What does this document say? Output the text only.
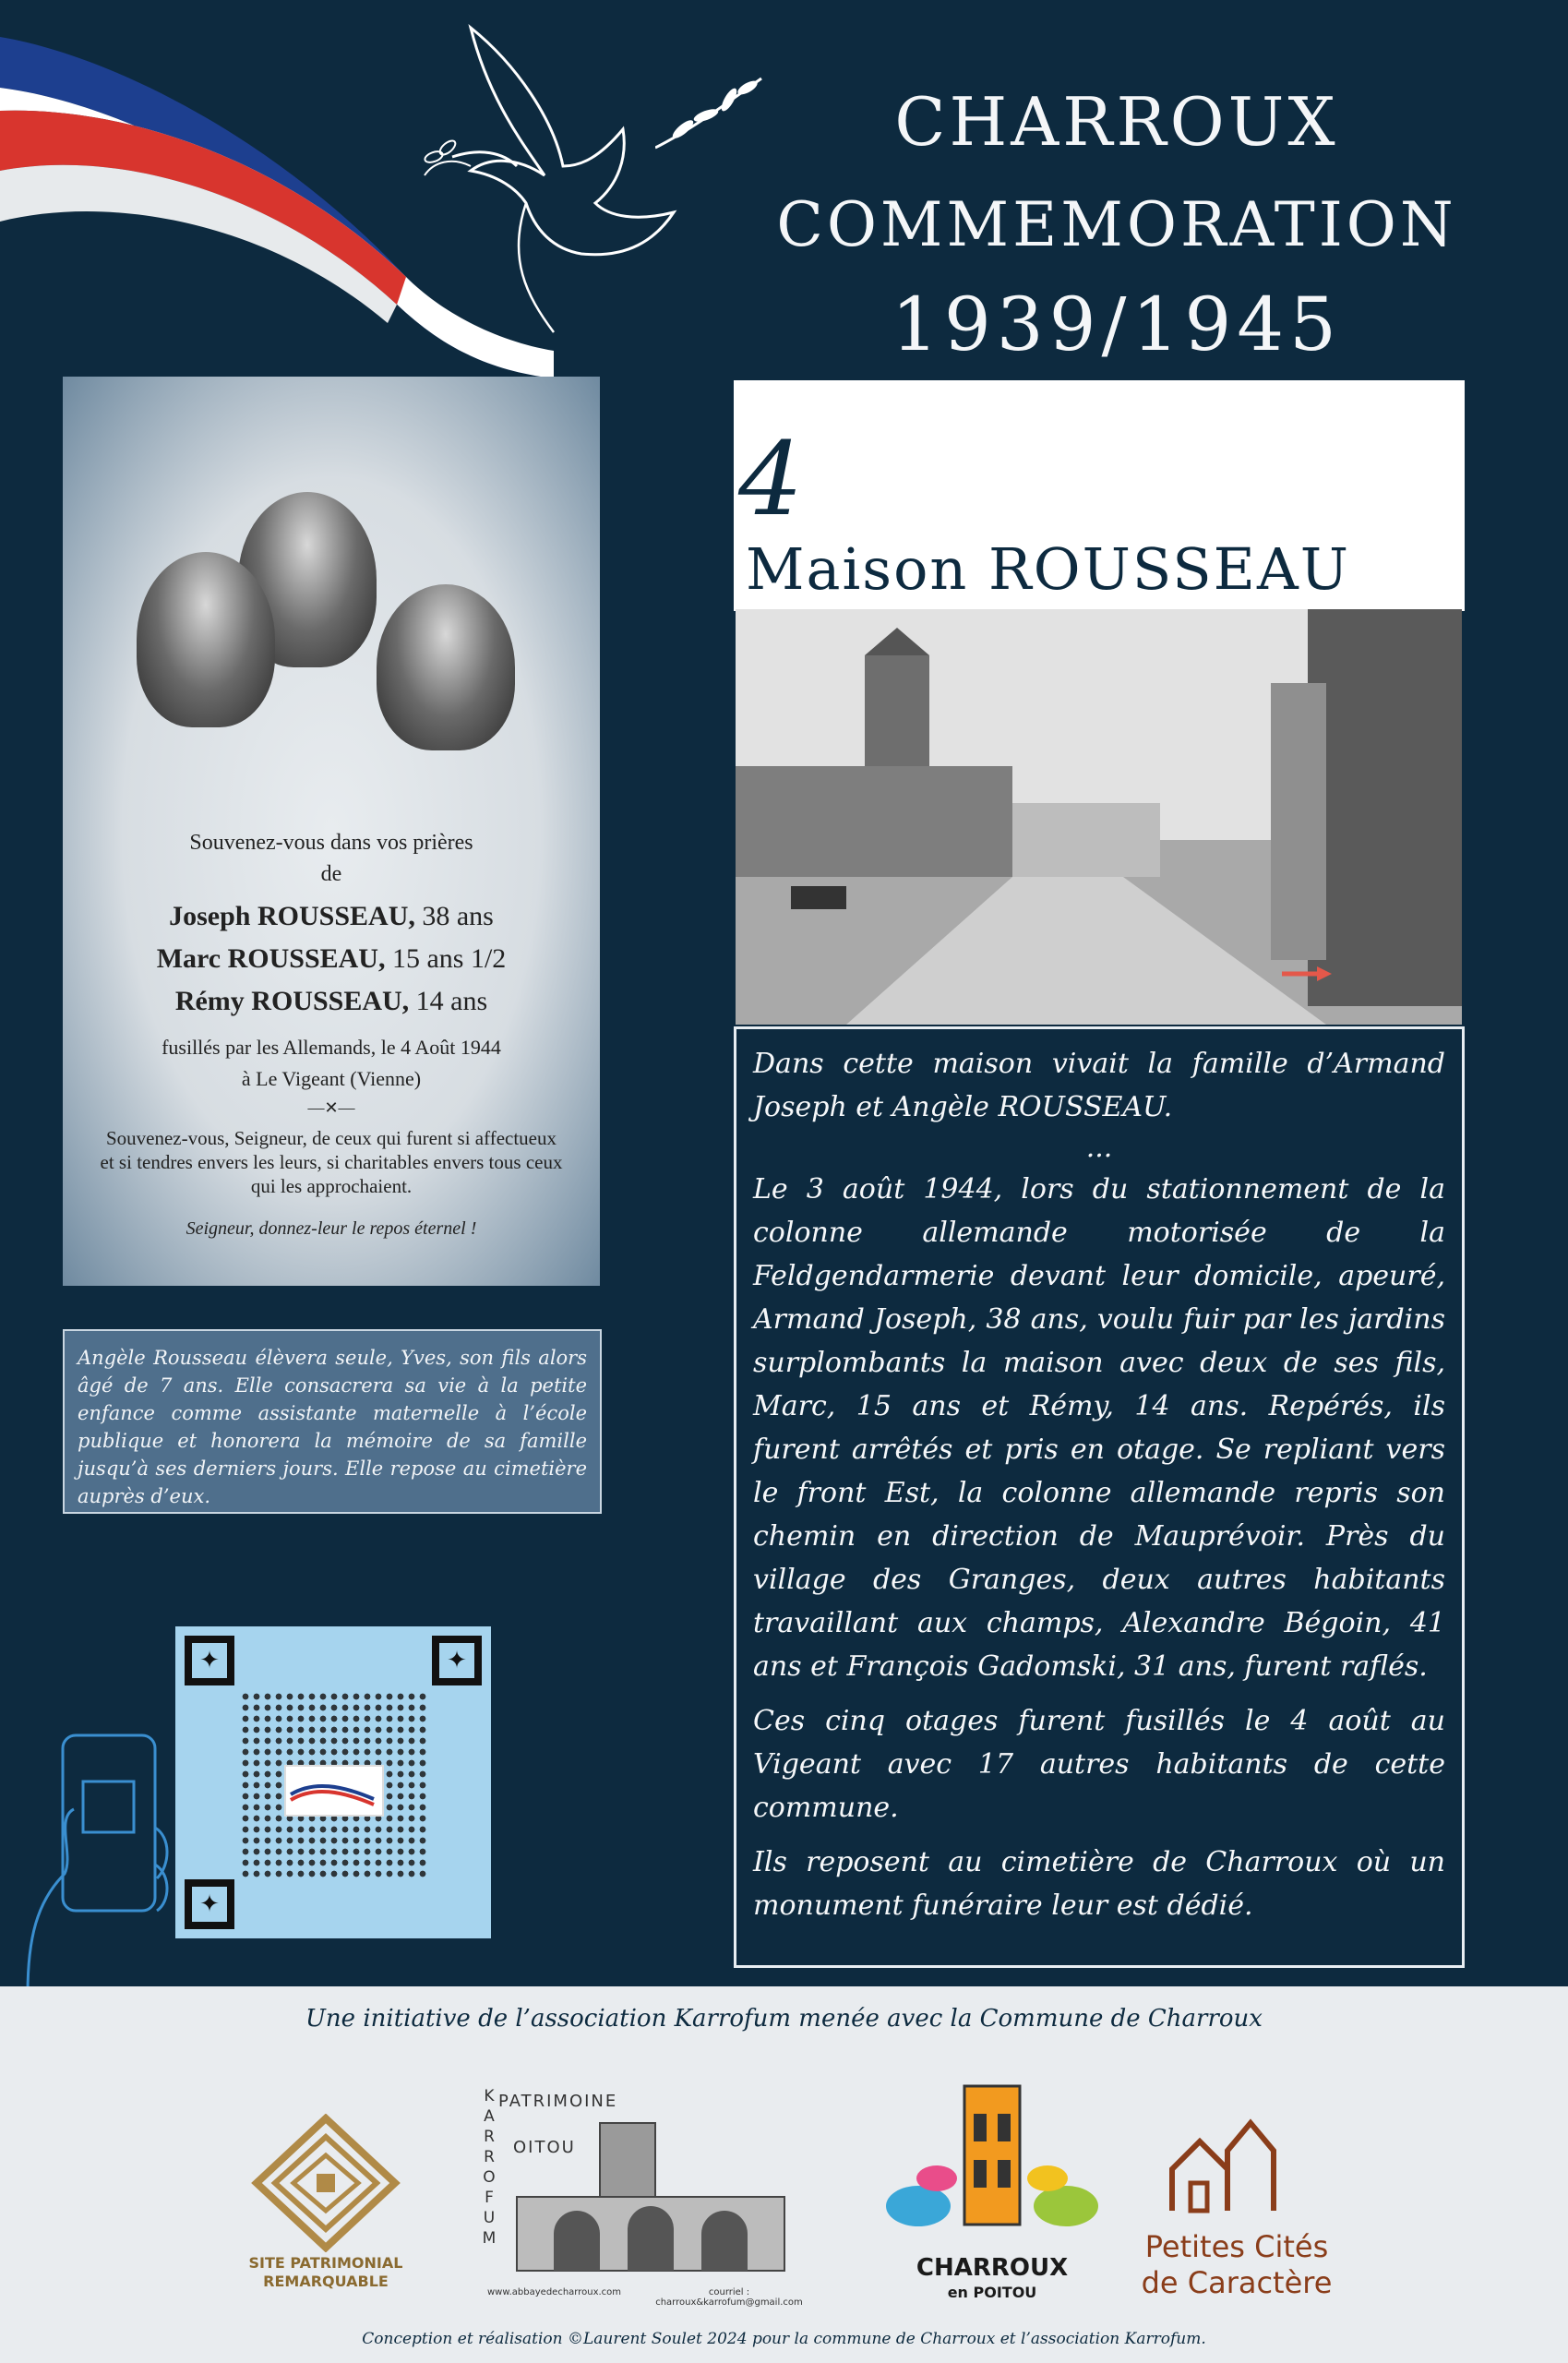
CHARROUX
COMMEMORATION
1939/1945
Souvenez-vous dans vos prières
de
Joseph ROUSSEAU, 38 ans
Marc ROUSSEAU, 15 ans 1/2
Rémy ROUSSEAU, 14 ans
fusillés par les Allemands, le 4 Août 1944
à Le Vigeant (Vienne)
—✕—
Souvenez-vous, Seigneur, de ceux qui furent si affectueux et si tendres envers les leurs, si charitables envers tous ceux qui les approchaient.
Seigneur, donnez-leur le repos éternel !
Angèle Rousseau élèvera seule, Yves, son fils alors âgé de 7 ans. Elle consacrera sa vie à la petite enfance comme assistante maternelle à l’école publique et honorera la mémoire de sa famille jusqu’à ses derniers jours. Elle repose au cimetière auprès d’eux.
✦
✦
✦
4
Maison ROUSSEAU

Dans cette maison vivait la famille d’Armand Joseph et Angèle ROUSSEAU.

...

Le 3 août 1944, lors du stationnement de la colonne allemande motorisée de la Feldgendarmerie devant leur domicile, apeuré, Armand Joseph, 38 ans, voulu fuir par les jardins surplombants la maison avec deux de ses fils, Marc, 15 ans et Rémy, 14 ans. Repérés, ils furent arrêtés et pris en otage. Se repliant vers le front Est, la colonne allemande repris son chemin en direction de Mauprévoir. Près du village des Granges, deux autres habitants travaillant aux champs, Alexandre Bégoin, 41 ans et François Gadomski, 31 ans, furent raflés.

Ces cinq otages furent fusillés le 4 août au Vigeant avec 17 autres habitants de cette commune.

Ils reposent au cimetière de Charroux où un monument funéraire leur est dédié.

Une initiative de l’association Karrofum menée avec la Commune de Charroux
SITE PATRIMONIAL
REMARQUABLE
PATRIMOINE
OITOU
KARROFUM
www.abbayedecharroux.com	courriel : charroux&karrofum@gmail.com
CHARROUX
en POITOU
Petites Cités
de Caractère
Conception et réalisation ©Laurent Soulet 2024 pour la commune de Charroux et l’association Karrofum.
